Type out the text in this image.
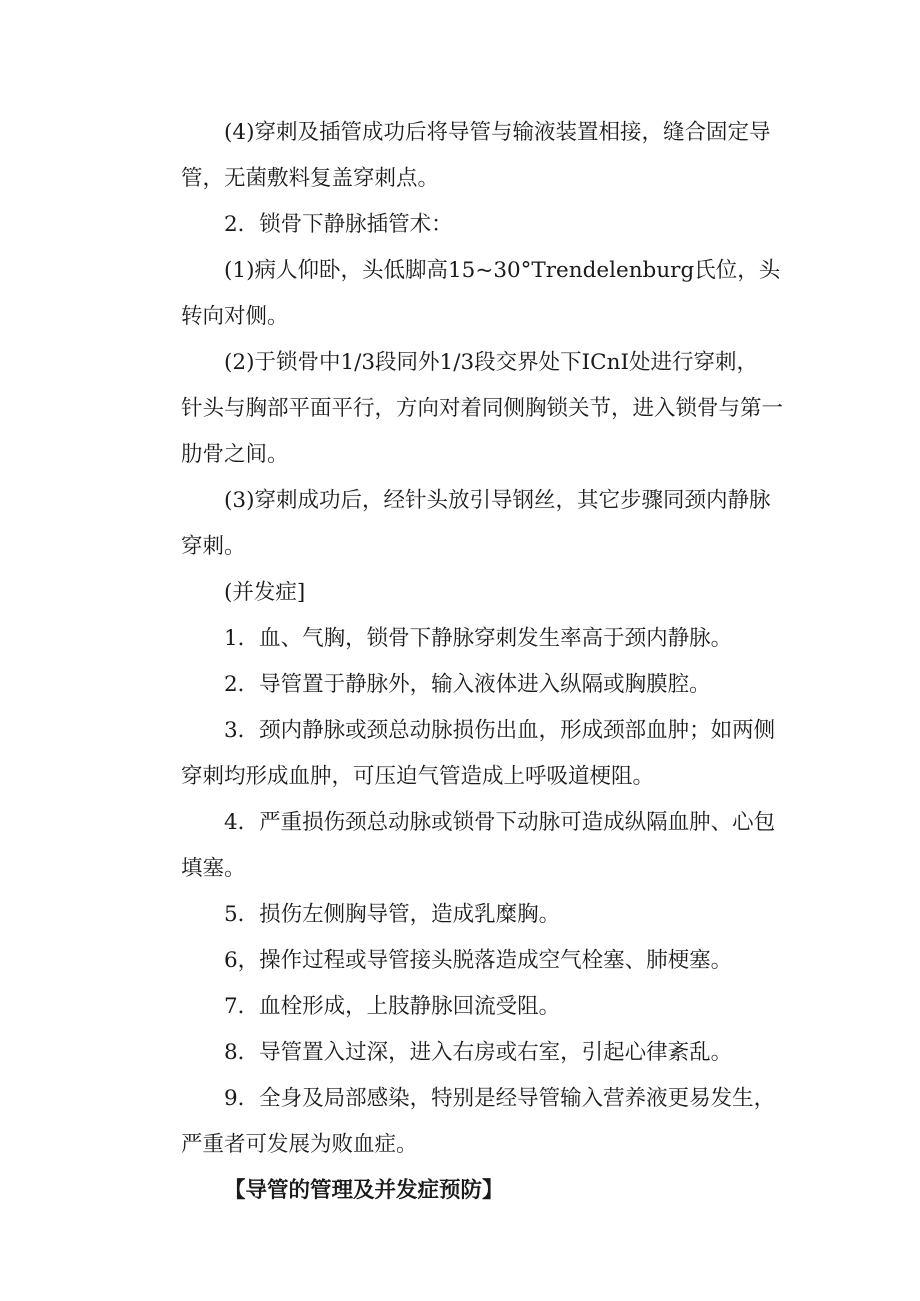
(4)穿刺及插管成功后将导管与输液装置相接，缝合固定导
管，无菌敷料复盖穿刺点。

2．锁骨下静脉插管术：

(1)病人仰卧，头低脚高15~30°Trendelenburg氏位，头
转向对侧。

(2)于锁骨中1/3段同外1/3段交界处下ICnI处进行穿刺，
针头与胸部平面平行，方向对着同侧胸锁关节，进入锁骨与第一
肋骨之间。

(3)穿刺成功后，经针头放引导钢丝，其它步骤同颈内静脉
穿刺。

(并发症]

1．血、气胸，锁骨下静脉穿刺发生率高于颈内静脉。

2．导管置于静脉外，输入液体进入纵隔或胸膜腔。

3．颈内静脉或颈总动脉损伤出血，形成颈部血肿；如两侧
穿刺均形成血肿，可压迫气管造成上呼吸道梗阻。

4．严重损伤颈总动脉或锁骨下动脉可造成纵隔血肿、心包
填塞。

5．损伤左侧胸导管，造成乳糜胸。

6，操作过程或导管接头脱落造成空气栓塞、肺梗塞。

7．血栓形成，上肢静脉回流受阻。

8．导管置入过深，进入右房或右室，引起心律紊乱。

9．全身及局部感染，特别是经导管输入营养液更易发生，
严重者可发展为败血症。

【导管的管理及并发症预防】
